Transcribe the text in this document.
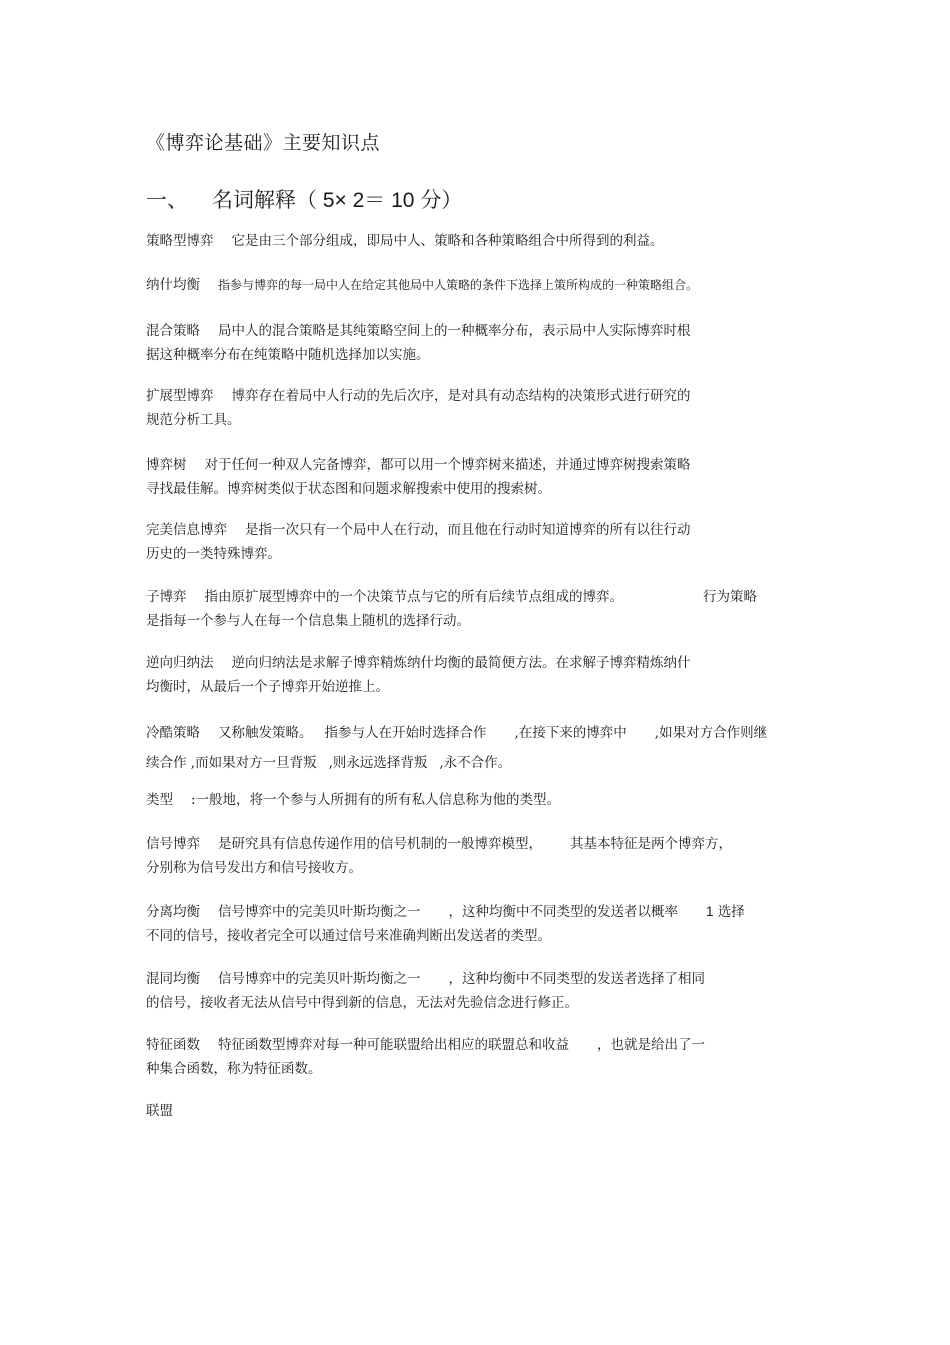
《博弈论基础》主要知识点
一、 名词解释（ 5× 2＝ 10 分）
策略型博弈 它是由三个部分组成，即局中人、策略和各种策略组合中所得到的利益。
纳什均衡 指参与博弈的每一局中人在给定其他局中人策略的条件下选择上策所构成的一种策略组合。
混合策略 局中人的混合策略是其纯策略空间上的一种概率分布，表示局中人实际博弈时根
据这种概率分布在纯策略中随机选择加以实施。
扩展型博弈 博弈存在着局中人行动的先后次序，是对具有动态结构的决策形式进行研究的
规范分析工具。
博弈树 对于任何一种双人完备博弈，都可以用一个博弈树来描述，并通过博弈树搜索策略
寻找最佳解。博弈树类似于状态图和问题求解搜索中使用的搜索树。
完美信息博弈 是指一次只有一个局中人在行动，而且他在行动时知道博弈的所有以往行动
历史的一类特殊博弈。
子博弈 指由原扩展型博弈中的一个决策节点与它的所有后续节点组成的博弈。	行为策略
是指每一个参与人在每一个信息集上随机的选择行动。
逆向归纳法 逆向归纳法是求解子博弈精炼纳什均衡的最简便方法。在求解子博弈精炼纳什
均衡时，从最后一个子博弈开始逆推上。
冷酷策略 又称触发策略。 指参与人在开始时选择合作 ,在接下来的博弈中 ,如果对方合作则继
续合作 ,而如果对方一旦背叛 ,则永远选择背叛 ,永不合作。
类型 :一般地，将一个参与人所拥有的所有私人信息称为他的类型。
信号博弈 是研究具有信息传递作用的信号机制的一般博弈模型， 其基本特征是两个博弈方，
分别称为信号发出方和信号接收方。
分离均衡 信号博弈中的完美贝叶斯均衡之一 ，这种均衡中不同类型的发送者以概率 1 选择
不同的信号，接收者完全可以通过信号来准确判断出发送者的类型。
混同均衡 信号博弈中的完美贝叶斯均衡之一 ，这种均衡中不同类型的发送者选择了相同
的信号，接收者无法从信号中得到新的信息，无法对先验信念进行修正。
特征函数 特征函数型博弈对每一种可能联盟给出相应的联盟总和收益 ，也就是给出了一
种集合函数，称为特征函数。
联盟
